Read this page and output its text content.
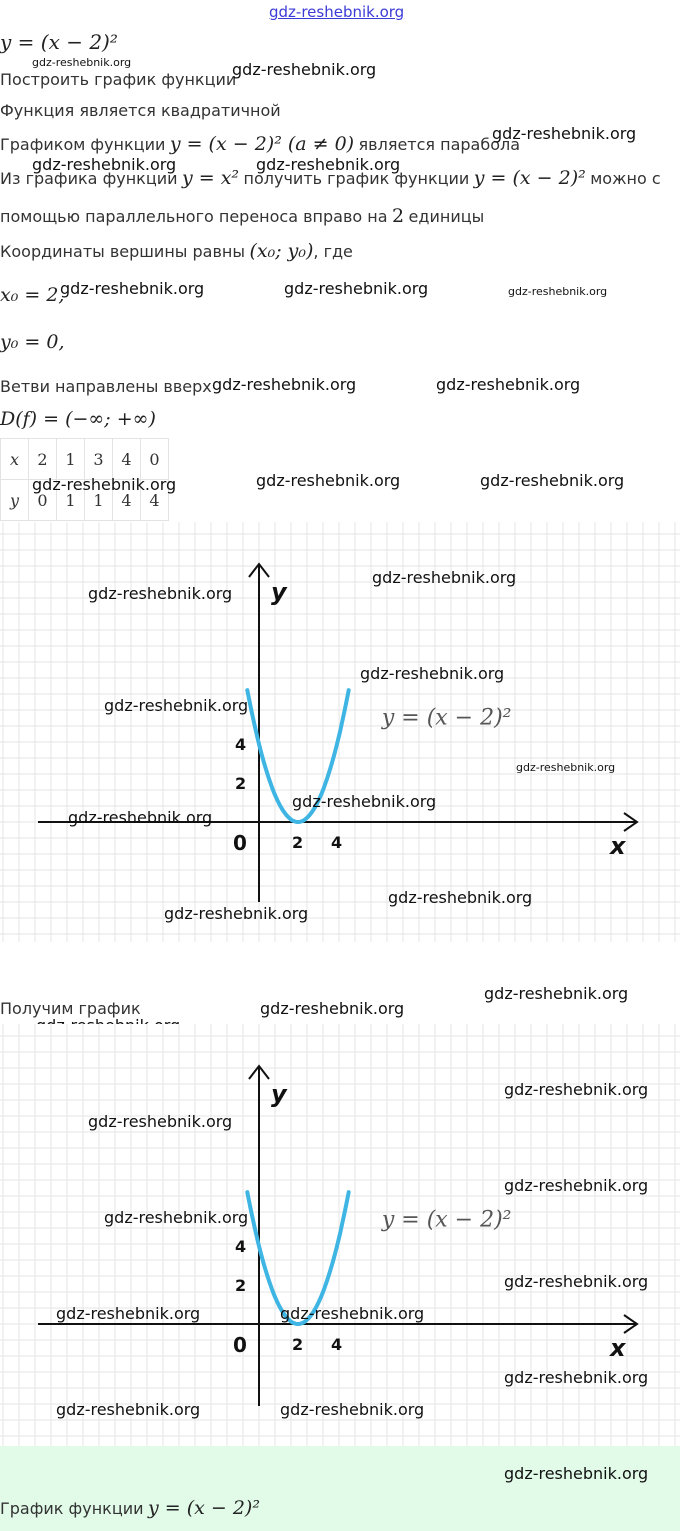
gdz-reshebnik.org
y = (x − 2)²
gdz-reshebnik.org
Построить график функции
gdz-reshebnik.org
Функция является квадратичной
Графиком функции y = (x − 2)² (a ≠ 0) является парабола
gdz-reshebnik.org
gdz-reshebnik.org	gdz-reshebnik.org
Из графика функции y = x² получить график функции y = (x − 2)² можно с
помощью параллельного переноса вправо на 2 единицы
Координаты вершины равны (x₀; y₀), где
x₀ = 2,
gdz-reshebnik.org	gdz-reshebnik.org	gdz-reshebnik.org
y₀ = 0,
Ветви направлены вверх gdz-reshebnik.org	gdz-reshebnik.org
D(f) = (−∞; +∞)
x	2	1	3	4	0
y	0	1	1	4	4
gdz-reshebnik.org	gdz-reshebnik.org	gdz-reshebnik.org
x
y
0	2 4
2
4
y = (x − 2)²
gdz-reshebnik.org
gdz-reshebnik.org
gdz-reshebnik.org
gdz-reshebnik.org
gdz-reshebnik.org
gdz-reshebnik.org
gdz-reshebnik.org
gdz-reshebnik.org
gdz-reshebnik.org
Получим график
gdz-reshebnik.org
gdz-reshebnik.org
x
y
0	2 4
2
4
y = (x − 2)²
gdz-reshebnik.org
gdz-reshebnik.org
gdz-reshebnik.org
gdz-reshebnik.org
gdz-reshebnik.org
gdz-reshebnik.org	gdz-reshebnik.org
gdz-reshebnik.org
gdz-reshebnik.org	gdz-reshebnik.org
gdz-reshebnik.org
График функции y = (x − 2)²
